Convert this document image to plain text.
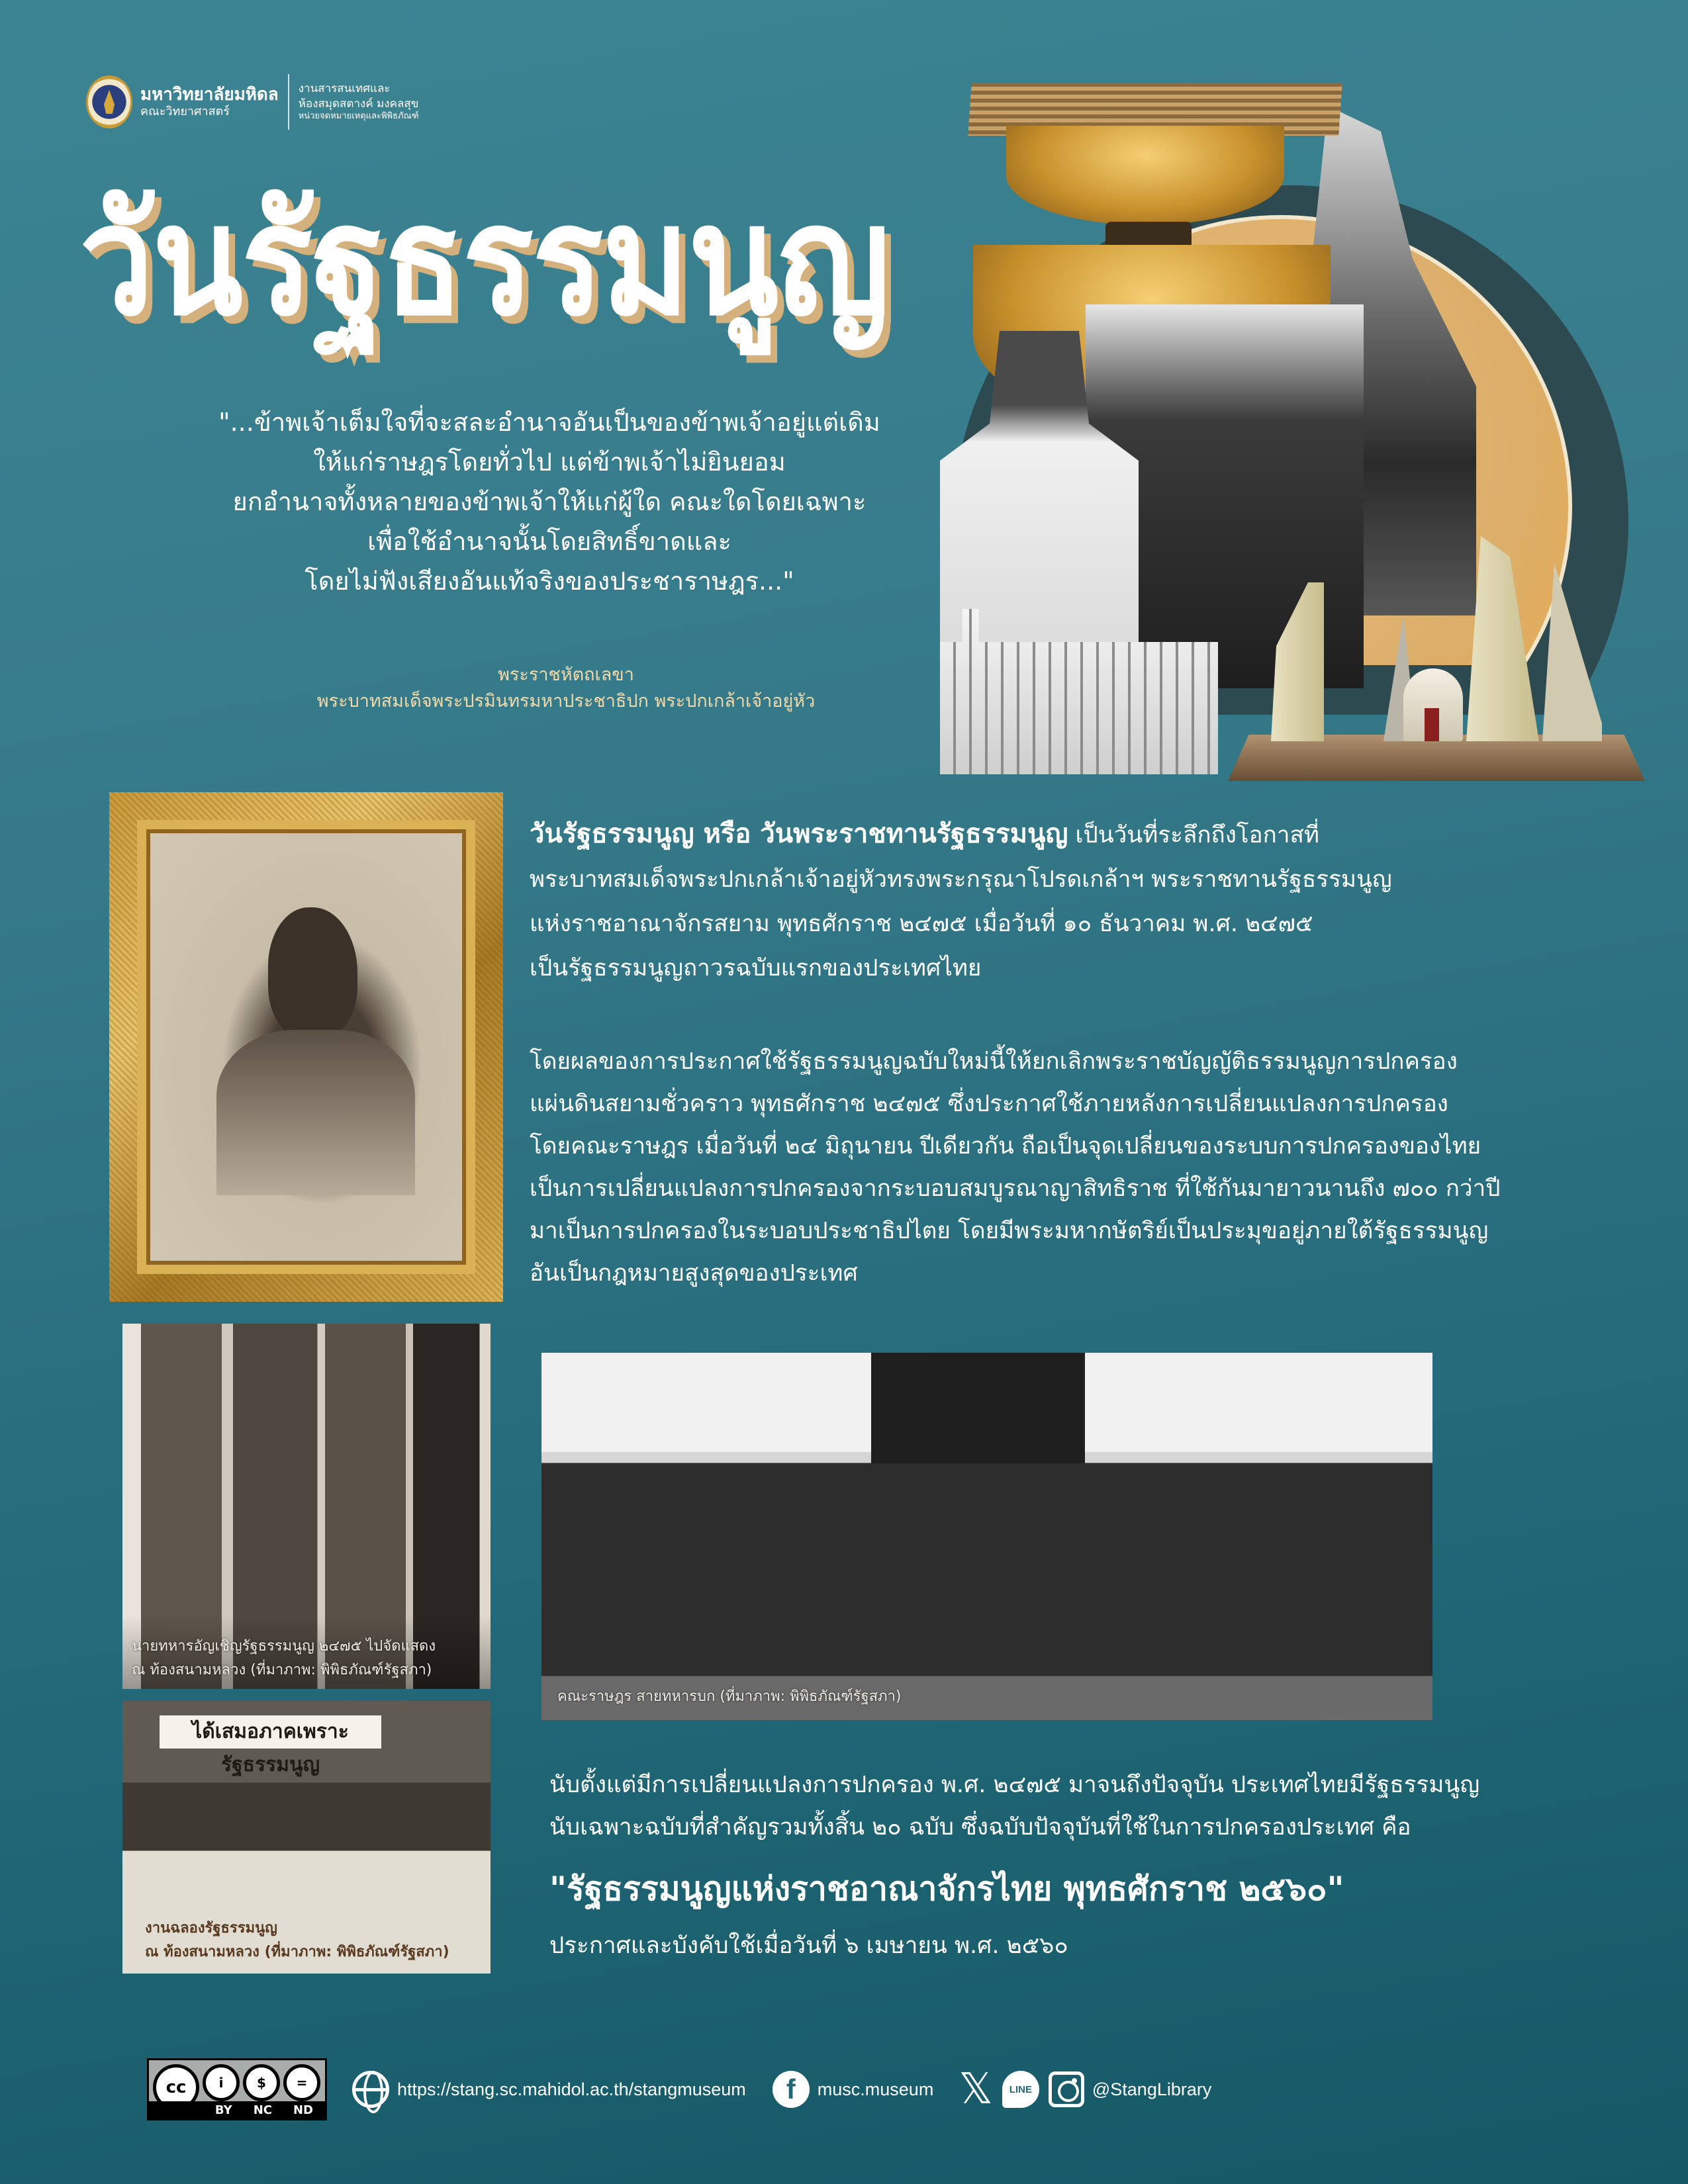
มหาวิทยาลัยมหิดล
คณะวิทยาศาสตร์
งานสารสนเทศและ
ห้องสมุดสตางค์ มงคลสุข
หน่วยจดหมายเหตุและพิพิธภัณฑ์
วันรัฐธรรมนูญ
"...ข้าพเจ้าเต็มใจที่จะสละอำนาจอันเป็นของข้าพเจ้าอยู่แต่เดิม
ให้แก่ราษฎรโดยทั่วไป แต่ข้าพเจ้าไม่ยินยอม
ยกอำนาจทั้งหลายของข้าพเจ้าให้แก่ผู้ใด คณะใดโดยเฉพาะ
เพื่อใช้อำนาจนั้นโดยสิทธิ์ขาดและ
โดยไม่ฟังเสียงอันแท้จริงของประชาราษฎร..."
พระราชหัตถเลขา
พระบาทสมเด็จพระปรมินทรมหาประชาธิปก พระปกเกล้าเจ้าอยู่หัว
วันรัฐธรรมนูญ หรือ วันพระราชทานรัฐธรรมนูญ เป็นวันที่ระลึกถึงโอกาสที่
พระบาทสมเด็จพระปกเกล้าเจ้าอยู่หัวทรงพระกรุณาโปรดเกล้าฯ พระราชทานรัฐธรรมนูญ
แห่งราชอาณาจักรสยาม พุทธศักราช ๒๔๗๕ เมื่อวันที่ ๑๐ ธันวาคม พ.ศ. ๒๔๗๕
เป็นรัฐธรรมนูญถาวรฉบับแรกของประเทศไทย
โดยผลของการประกาศใช้รัฐธรรมนูญฉบับใหม่นี้ให้ยกเลิกพระราชบัญญัติธรรมนูญการปกครอง
แผ่นดินสยามชั่วคราว พุทธศักราช ๒๔๗๕ ซึ่งประกาศใช้ภายหลังการเปลี่ยนแปลงการปกครอง
โดยคณะราษฎร เมื่อวันที่ ๒๔ มิถุนายน ปีเดียวกัน ถือเป็นจุดเปลี่ยนของระบบการปกครองของไทย
เป็นการเปลี่ยนแปลงการปกครองจากระบอบสมบูรณาญาสิทธิราช ที่ใช้กันมายาวนานถึง ๗๐๐ กว่าปี
มาเป็นการปกครองในระบอบประชาธิปไตย โดยมีพระมหากษัตริย์เป็นประมุขอยู่ภายใต้รัฐธรรมนูญ
อันเป็นกฎหมายสูงสุดของประเทศ
นายทหารอัญเชิญรัฐธรรมนูญ ๒๔๗๕ ไปจัดแสดง
ณ ท้องสนามหลวง (ที่มาภาพ: พิพิธภัณฑ์รัฐสภา)
คณะราษฎร สายทหารบก (ที่มาภาพ: พิพิธภัณฑ์รัฐสภา)
ได้เสมอภาคเพราะรัฐธรรมนูญ
งานฉลองรัฐธรรมนูญ
ณ ท้องสนามหลวง (ที่มาภาพ: พิพิธภัณฑ์รัฐสภา)
นับตั้งแต่มีการเปลี่ยนแปลงการปกครอง พ.ศ. ๒๔๗๕ มาจนถึงปัจจุบัน ประเทศไทยมีรัฐธรรมนูญ
นับเฉพาะฉบับที่สำคัญรวมทั้งสิ้น ๒๐ ฉบับ ซึ่งฉบับปัจจุบันที่ใช้ในการปกครองประเทศ คือ
"รัฐธรรมนูญแห่งราชอาณาจักรไทย พุทธศักราช ๒๕๖๐"
ประกาศและบังคับใช้เมื่อวันที่ ๖ เมษายน พ.ศ. ๒๕๖๐
cc	i	$	=
BY NC ND
https://stang.sc.mahidol.ac.th/stangmuseum	f	musc.museum 𝕏	LINE	@StangLibrary
